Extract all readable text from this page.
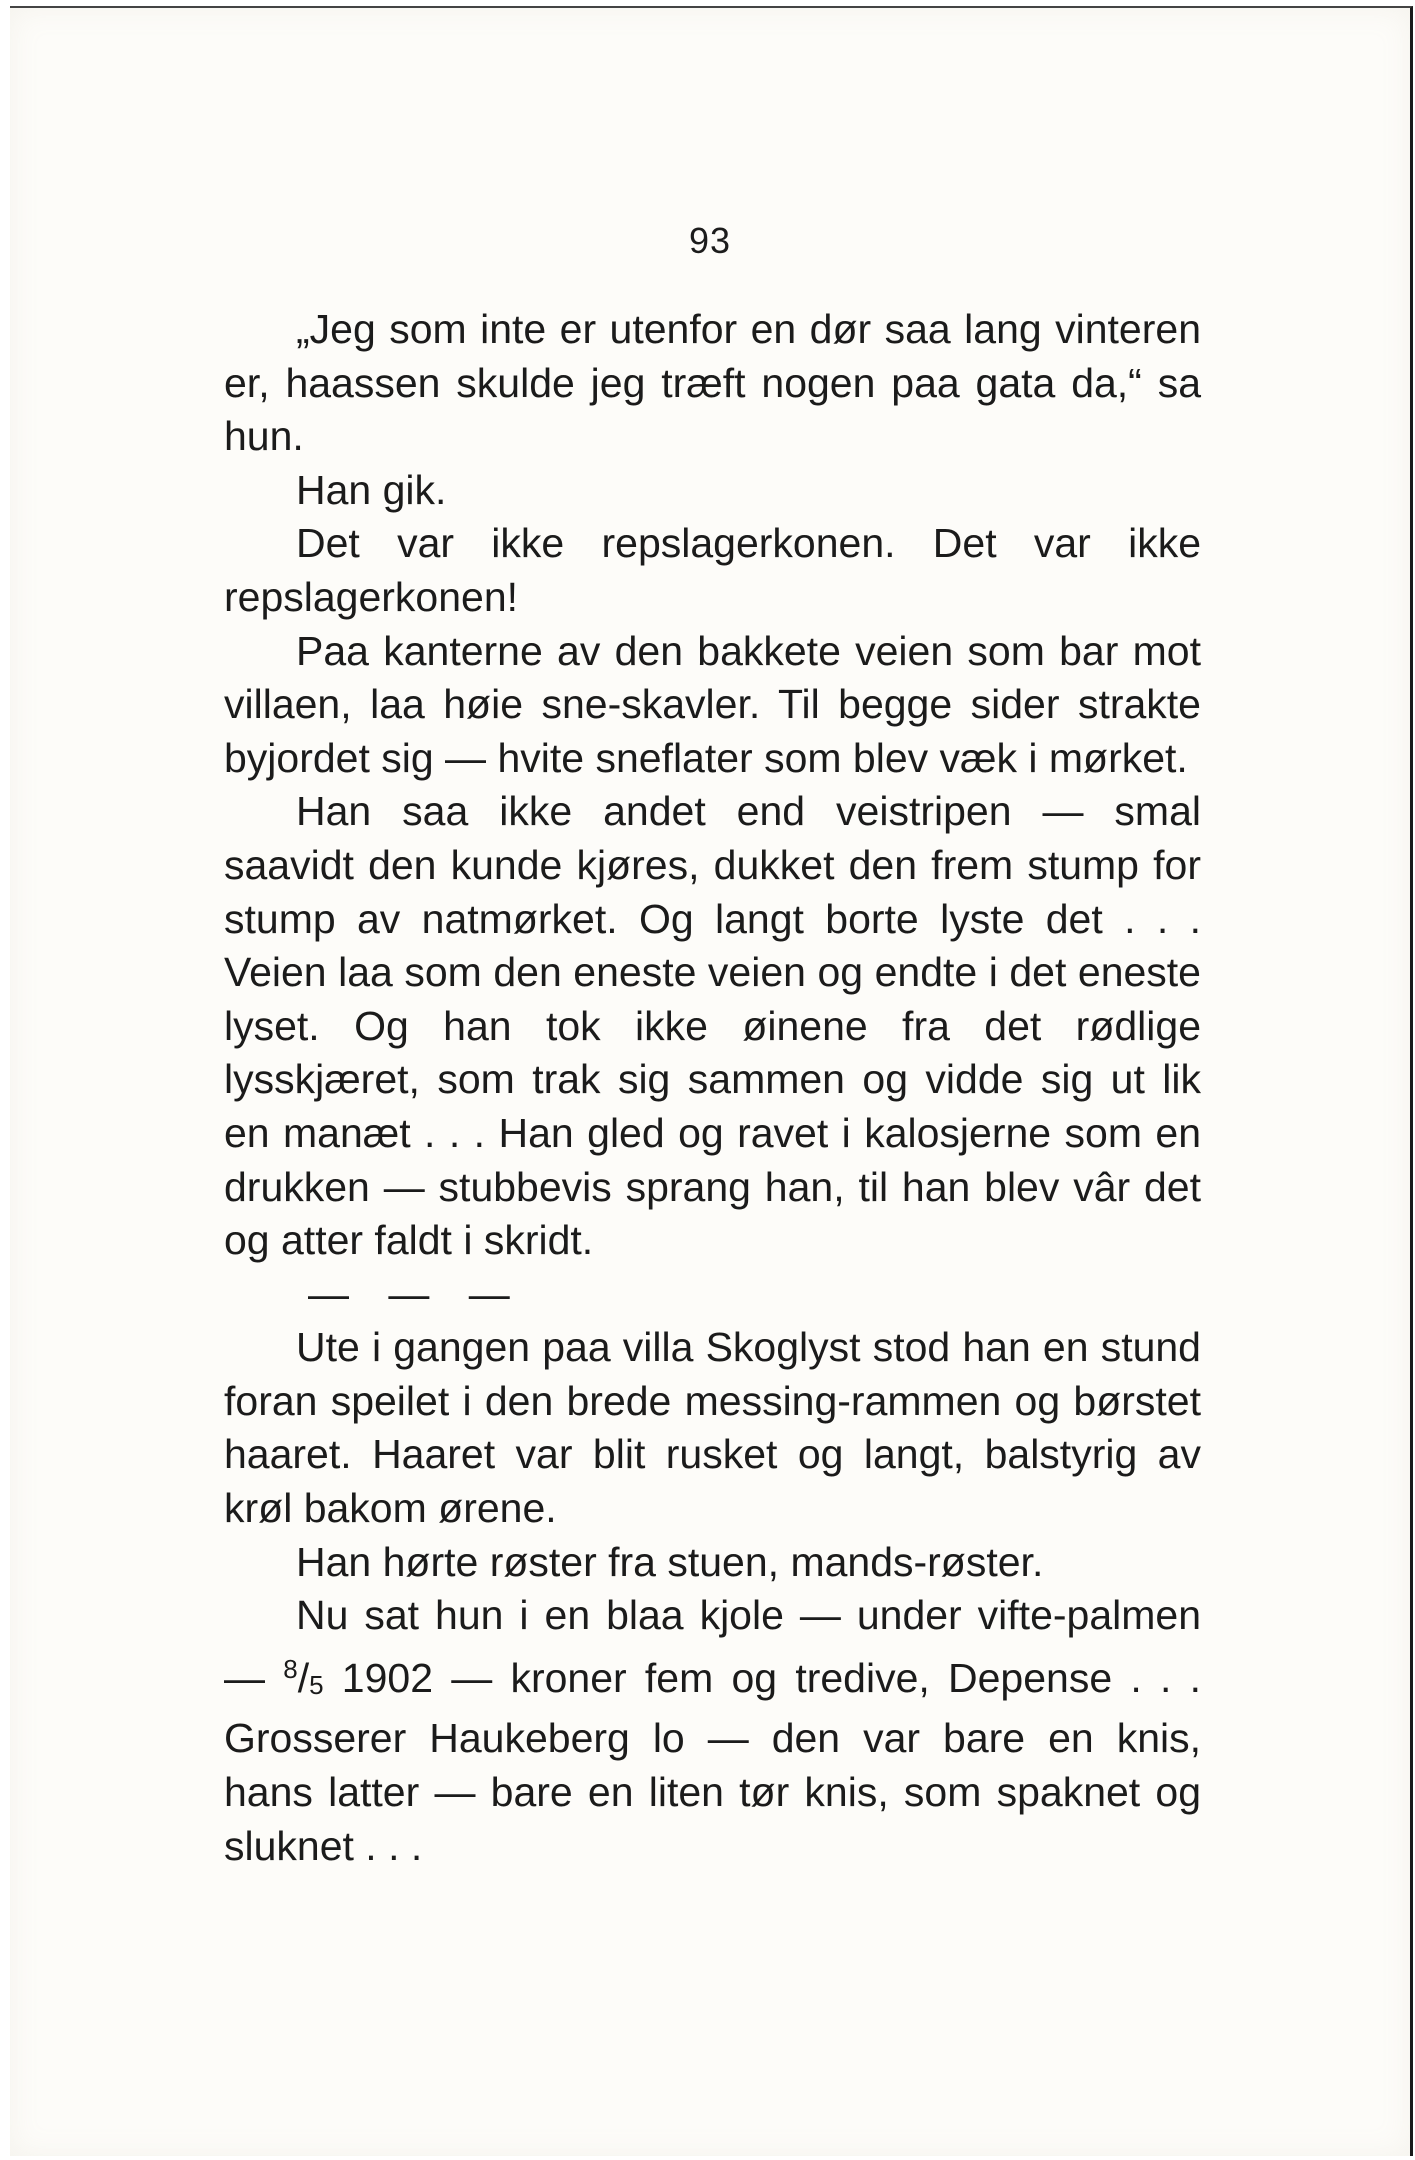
93

„Jeg som inte er utenfor en dør saa lang vinteren er, haassen skulde jeg træft nogen paa gata da,“ sa hun.

Han gik.

Det var ikke repslagerkonen. Det var ikke repslagerkonen!

Paa kanterne av den bakkete veien som bar mot villaen, laa høie sne-skavler. Til begge sider strakte byjordet sig — hvite sneflater som blev væk i mørket.

Han saa ikke andet end veistripen — smal saavidt den kunde kjøres, dukket den frem stump for stump av natmørket. Og langt borte lyste det . . . Veien laa som den eneste veien og endte i det eneste lyset. Og han tok ikke øinene fra det rødlige lysskjæret, som trak sig sammen og vidde sig ut lik en manæt . . . Han gled og ravet i kalosjerne som en drukken — stubbevis sprang han, til han blev vâr det og atter faldt i skridt.

— — —

Ute i gangen paa villa Skoglyst stod han en stund foran speilet i den brede messing-rammen og børstet haaret. Haaret var blit rusket og langt, balstyrig av krøl bakom ørene.

Han hørte røster fra stuen, mands-røster.

Nu sat hun i en blaa kjole — under vifte-palmen — $^8/_5$ 1902 — kroner fem og tredive, Depense . . . Grosserer Haukeberg lo — den var bare en knis, hans latter — bare en liten tør knis, som spaknet og sluknet . . .
